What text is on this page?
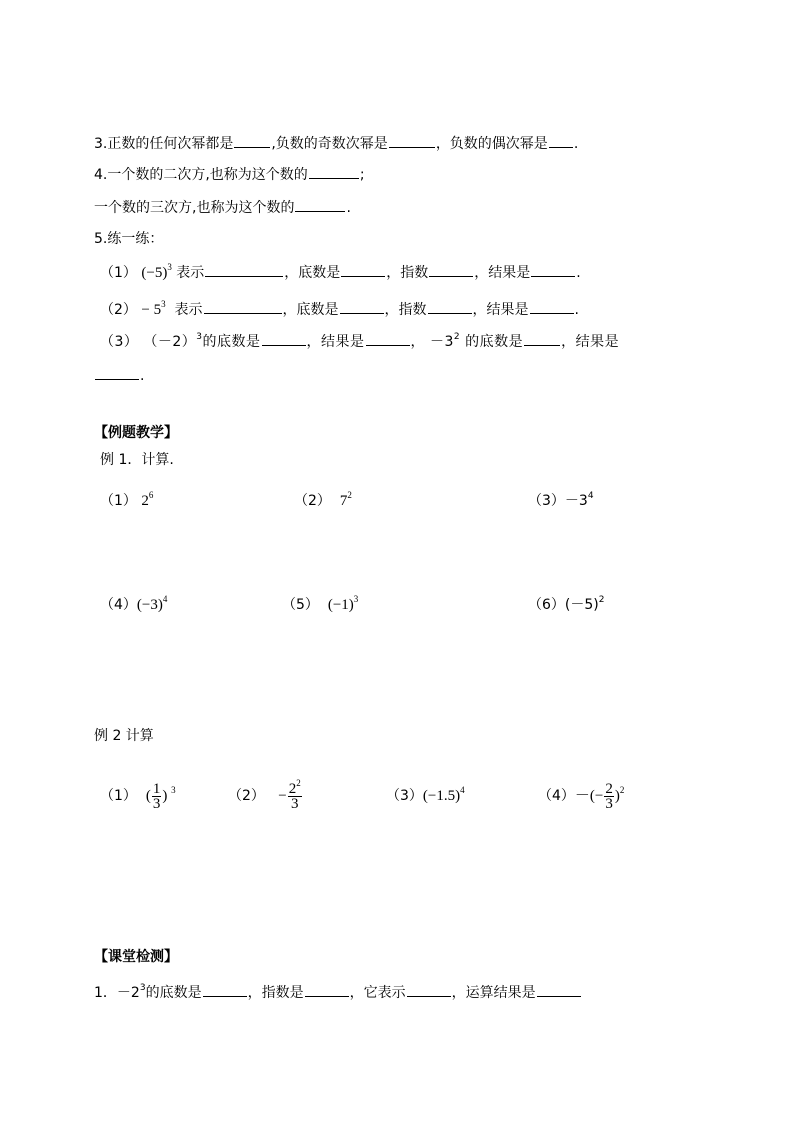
3.正数的任何次幂都是	,负数的奇数次幂是	，负数的偶次幂是 .
4.一个数的二次方,也称为这个数的	;
一个数的三次方,也称为这个数的	.
5.练一练：
（1） $(-5)^3$ 表示	，底数是	，指数	，结果是	.
$(2) - 5^3$ 表示	，底数是	，指数	，结果是	.
（3） $(-2)^3$的底数是	，结果是	， $-3^2$ 的底数是	，结果是
.
【例题教学】
例 1．计算.
（1） $2^6$	（2） $7^2$	$(3)-3^4$
$(4)(-3)^4$	（5） $(-1)^3$	$(6)(-5)^2$
例 2 计算
（1） ( $\frac{1}{3}$ ) $^3$	$(2) - \frac{2^2}{3}$	$(3)(-1.5)^4$	$(4)-(- \frac{2}{3} )^2$
【课堂检测】
1．$-2^3$的底数是	，指数是	，它表示	，运算结果是
